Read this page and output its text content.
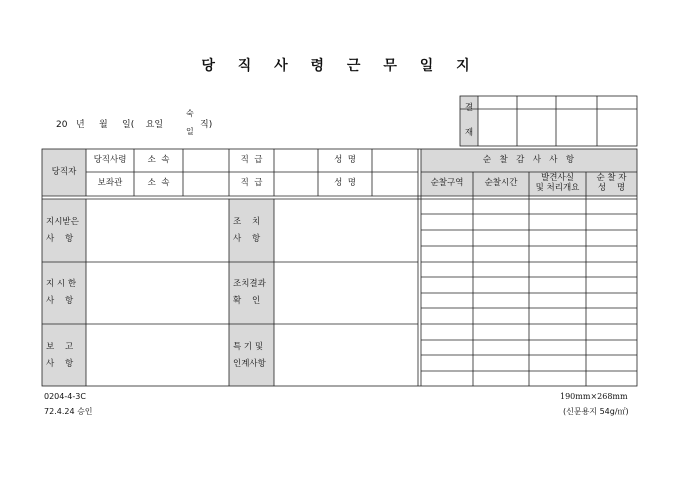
당 직 사 령 근 무 일 지
20   년     월     일(    요일
숙
일
직)
결
재
당직자
당직사령
보좌관
소  속
소  속
직  급
직  급
성  명
성  명
순  찰  감  사  사  항
순찰구역	순찰시간	발견사실
및 처리개요
순 찰 자
성    명
지시받은
사    항
조    치
사    항
지 시 한
사    항
조치결과
확    인
보    고
사    항
특 기 및
인계사항
0204-4-3C
72.4.24 승인
190mm×268mm
(신문용지 54g/㎡)
